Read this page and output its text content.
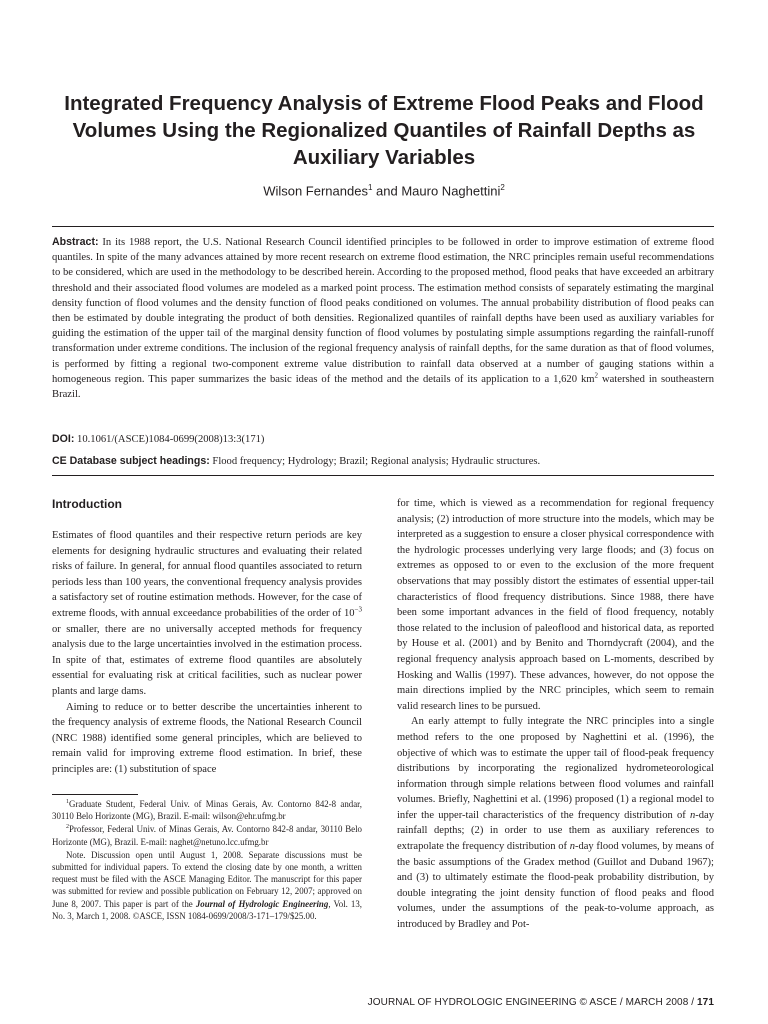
Integrated Frequency Analysis of Extreme Flood Peaks and Flood Volumes Using the Regionalized Quantiles of Rainfall Depths as Auxiliary Variables
Wilson Fernandes$^1$ and Mauro Naghettini$^2$
Abstract: In its 1988 report, the U.S. National Research Council identified principles to be followed in order to improve estimation of extreme flood quantiles. In spite of the many advances attained by more recent research on extreme flood estimation, the NRC principles remain useful recommendations to be considered, which are used in the methodology to be described herein. According to the proposed method, flood peaks that have exceeded an arbitrary threshold and their associated flood volumes are modeled as a marked point process. The estimation method consists of separately estimating the marginal density function of flood volumes and the density function of flood peaks conditioned on volumes. The annual probability distribution of flood peaks can then be estimated by double integrating the product of both densities. Regionalized quantiles of rainfall depths have been used as auxiliary variables for guiding the estimation of the upper tail of the marginal density function of flood volumes by postulating simple assumptions regarding the rainfall-runoff transformation under extreme conditions. The inclusion of the regional frequency analysis of rainfall depths, for the same duration as that of flood volumes, is performed by fitting a regional two-component extreme value distribution to rainfall data observed at a number of gauging stations within a homogeneous region. This paper summarizes the basic ideas of the method and the details of its application to a 1,620 $km^2$ watershed in southeastern Brazil.
DOI: 10.1061/(ASCE)1084-0699(2008)13:3(171)
CE Database subject headings: Flood frequency; Hydrology; Brazil; Regional analysis; Hydraulic structures.
Introduction

Estimates of flood quantiles and their respective return periods are key elements for designing hydraulic structures and evaluating their related risks of failure. In general, for annual flood quantiles associated to return periods less than 100 years, the conventional frequency analysis provides a satisfactory set of routine estimation methods. However, for the case of extreme floods, with annual exceedance probabilities of the order of $10^{-3}$ or smaller, there are no universally accepted methods for frequency analysis due to the large uncertainties involved in the estimation process. In spite of that, estimates of extreme flood quantiles are absolutely essential for evaluating risk at critical facilities, such as nuclear power plants and large dams.

Aiming to reduce or to better describe the uncertainties inherent to the frequency analysis of extreme floods, the National Research Council (NRC 1988) identified some general principles, which are believed to remain valid for improving extreme flood estimation. In brief, these principles are: (1) substitution of space

$^1$Graduate Student, Federal Univ. of Minas Gerais, Av. Contorno 842-8 andar, 30110 Belo Horizonte (MG), Brazil. E-mail: wilson@ehr.ufmg.br

$^2$Professor, Federal Univ. of Minas Gerais, Av. Contorno 842-8 andar, 30110 Belo Horizonte (MG), Brazil. E-mail: naghet@netuno.lcc.ufmg.br

Note. Discussion open until August 1, 2008. Separate discussions must be submitted for individual papers. To extend the closing date by one month, a written request must be filed with the ASCE Managing Editor. The manuscript for this paper was submitted for review and possible publication on February 12, 2007; approved on June 8, 2007. This paper is part of the Journal of Hydrologic Engineering, Vol. 13, No. 3, March 1, 2008. ©ASCE, ISSN 1084-0699/2008/3-171–179/$25.00.

for time, which is viewed as a recommendation for regional frequency analysis; (2) introduction of more structure into the models, which may be interpreted as a suggestion to ensure a closer physical correspondence with the hydrologic processes underlying very large floods; and (3) focus on extremes as opposed to or even to the exclusion of the more frequent observations that may possibly distort the estimates of essential upper-tail characteristics of flood frequency distributions. Since 1988, there have been some important advances in the field of flood frequency, notably those related to the inclusion of paleoflood and historical data, as reported by House et al. (2001) and by Benito and Thorndycraft (2004), and the regional frequency analysis approach based on L-moments, described by Hosking and Wallis (1997). These advances, however, do not oppose the main directions implied by the NRC principles, which seem to remain valid research lines to be pursued.

An early attempt to fully integrate the NRC principles into a single method refers to the one proposed by Naghettini et al. (1996), the objective of which was to estimate the upper tail of flood-peak frequency distributions by incorporating the regionalized hydrometeorological information through simple relations between flood volumes and rainfall volumes. Briefly, Naghettini et al. (1996) proposed (1) a regional model to infer the upper-tail characteristics of the frequency distribution of n-day rainfall depths; (2) in order to use them as auxiliary references to extrapolate the frequency distribution of n-day flood volumes, by means of the basic assumptions of the Gradex method (Guillot and Duband 1967); and (3) to ultimately estimate the flood-peak probability distribution, by double integrating the joint density function of flood peaks and flood volumes, under the assumptions of the peak-to-volume approach, as introduced by Bradley and Pot-

JOURNAL OF HYDROLOGIC ENGINEERING © ASCE / MARCH 2008 / 171
